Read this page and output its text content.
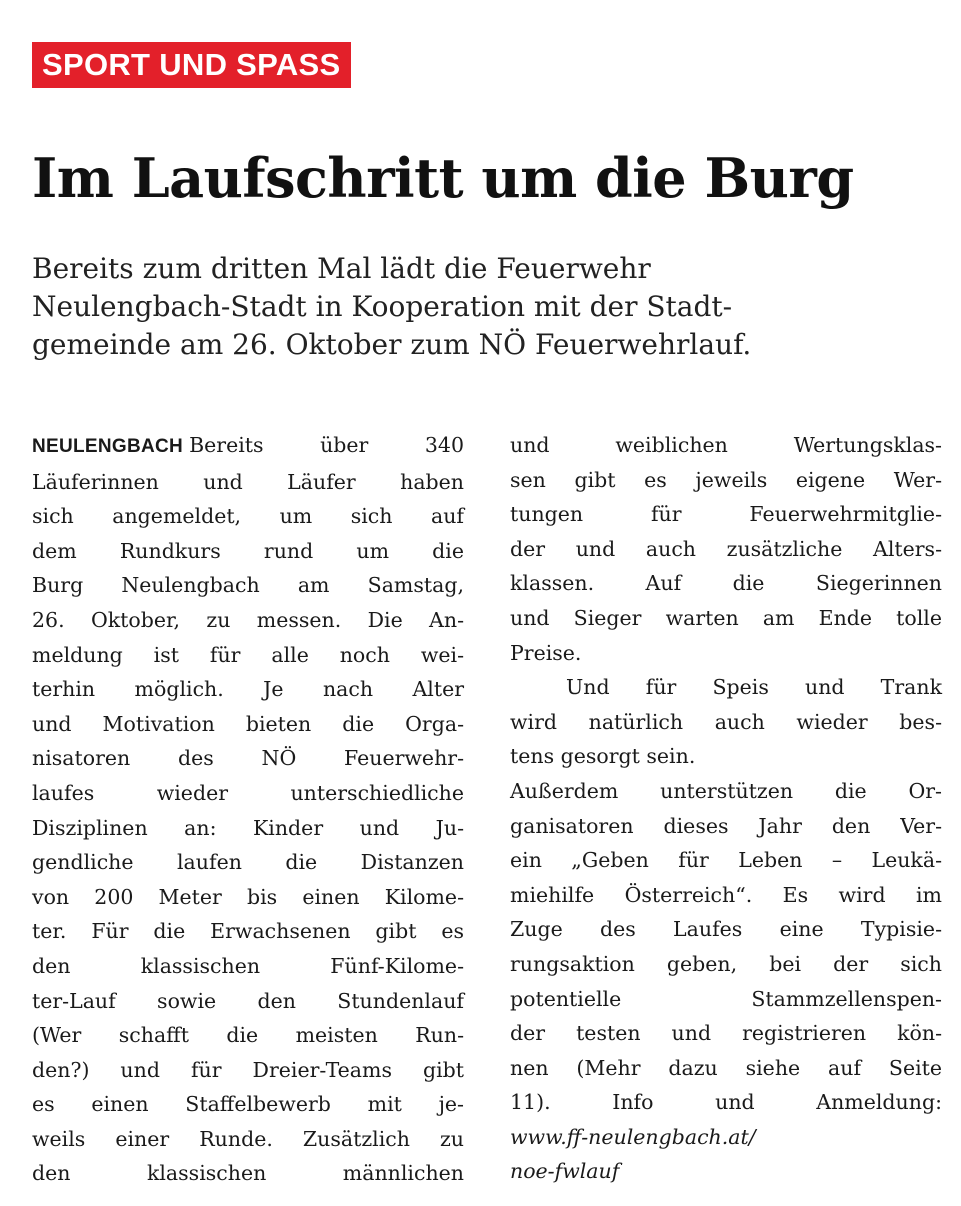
SPORT UND SPASS
Im Laufschritt um die Burg
Bereits zum dritten Mal lädt die Feuerwehr
Neulengbach-Stadt in Kooperation mit der Stadt-
gemeinde am 26. Oktober zum NÖ Feuerwehrlauf.
NEULENGBACH Bereits über 340
Läuferinnen und Läufer haben
sich angemeldet, um sich auf
dem Rundkurs rund um die
Burg Neulengbach am Samstag,
26. Oktober, zu messen. Die An-
meldung ist für alle noch wei-
terhin möglich. Je nach Alter
und Motivation bieten die Orga-
nisatoren des NÖ Feuerwehr-
laufes wieder unterschiedliche
Disziplinen an: Kinder und Ju-
gendliche laufen die Distanzen
von 200 Meter bis einen Kilome-
ter. Für die Erwachsenen gibt es
den klassischen Fünf-Kilome-
ter-Lauf sowie den Stundenlauf
(Wer schafft die meisten Run-
den?) und für Dreier-Teams gibt
es einen Staffelbewerb mit je-
weils einer Runde. Zusätzlich zu
den klassischen männlichen
und weiblichen Wertungsklas-
sen gibt es jeweils eigene Wer-
tungen für Feuerwehrmitglie-
der und auch zusätzliche Alters-
klassen. Auf die Siegerinnen
und Sieger warten am Ende tolle
Preise.
Und für Speis und Trank
wird natürlich auch wieder bes-
tens gesorgt sein.
Außerdem unterstützen die Or-
ganisatoren dieses Jahr den Ver-
ein „Geben für Leben – Leukä-
miehilfe Österreich“. Es wird im
Zuge des Laufes eine Typisie-
rungsaktion geben, bei der sich
potentielle Stammzellenspen-
der testen und registrieren kön-
nen (Mehr dazu siehe auf Seite
11). Info und Anmeldung:
www.ff-neulengbach.at/
noe-fwlauf
